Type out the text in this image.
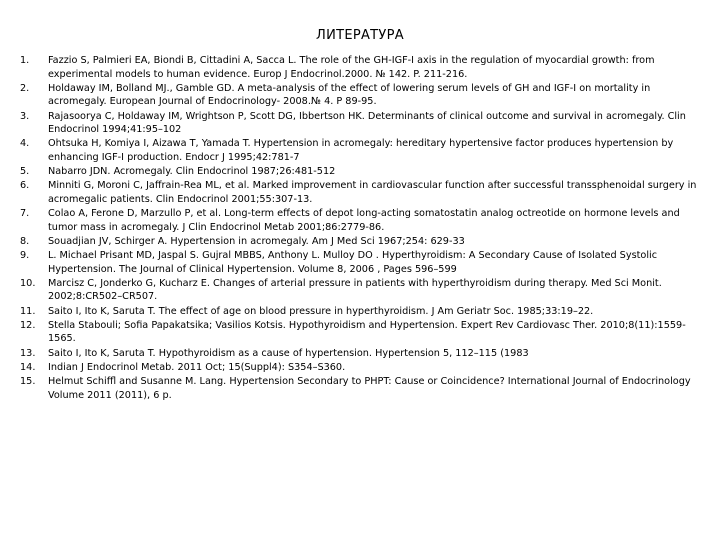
ЛИТЕРАТУРА
1.	Fazzio S, Palmieri EA, Biondi B, Cittadini A, Sacca L. The role of the GH-IGF-I axis in the regulation of myocardial growth: from experimental models to human evidence. Europ J Endocrinol.2000. № 142. P. 211-216.
2.	Holdaway IM, Bolland MJ., Gamble GD. A meta-analysis of the effect of lowering serum levels of GH and IGF-I on mortality in acromegaly. European Journal of Endocrinology- 2008.№ 4. P 89-95.
3.	Rajasoorya C, Holdaway IM, Wrightson P, Scott DG, Ibbertson HK. Determinants of clinical outcome and survival in acromegaly. Clin Endocrinol 1994;41:95–102
4.	Ohtsuka H, Komiya I, Aizawa T, Yamada T. Hypertension in acromegaly: hereditary hypertensive factor produces hypertension by enhancing IGF-I production. Endocr J 1995;42:781-7
5.	Nabarro JDN. Acromegaly. Clin Endocrinol 1987;26:481-512
6.	Minniti G, Moroni C, Jaffrain-Rea ML, et al. Marked improvement in cardiovascular function after successful transsphenoidal surgery in acromegalic patients. Clin Endocrinol 2001;55:307-13.
7.	Colao A, Ferone D, Marzullo P, et al. Long-term effects of depot long-acting somatostatin analog octreotide on hormone levels and tumor mass in acromegaly. J Clin Endocrinol Metab 2001;86:2779-86.
8.	Souadjian JV, Schirger A. Hypertension in acromegaly. Am J Med Sci 1967;254: 629-33
9.	L. Michael Prisant MD, Jaspal S. Gujral MBBS, Anthony L. Mulloy DO . Hyperthyroidism: A Secondary Cause of Isolated Systolic Hypertension. The Journal of Clinical Hypertension. Volume 8, 2006 , Pages 596–599
10.	Marcisz C, Jonderko G, Kucharz E. Changes of arterial pressure in patients with hyperthyroidism during therapy. Med Sci Monit. 2002;8:CR502–CR507.
11.	Saito I, Ito K, Saruta T. The effect of age on blood pressure in hyperthyroidism. J Am Geriatr Soc. 1985;33:19–22.
12.	Stella Stabouli; Sofia Papakatsika; Vasilios Kotsis. Hypothyroidism and Hypertension. Expert Rev Cardiovasc Ther. 2010;8(11):1559-1565.
13.	Saito I, Ito K, Saruta T. Hypothyroidism as a cause of hypertension. Hypertension 5, 112–115 (1983
14.	Indian J Endocrinol Metab. 2011 Oct; 15(Suppl4): S354–S360.
15.	Helmut Schiffl and Susanne M. Lang. Hypertension Secondary to PHPT: Cause or Coincidence? International Journal of Endocrinology Volume 2011 (2011), 6 p.
